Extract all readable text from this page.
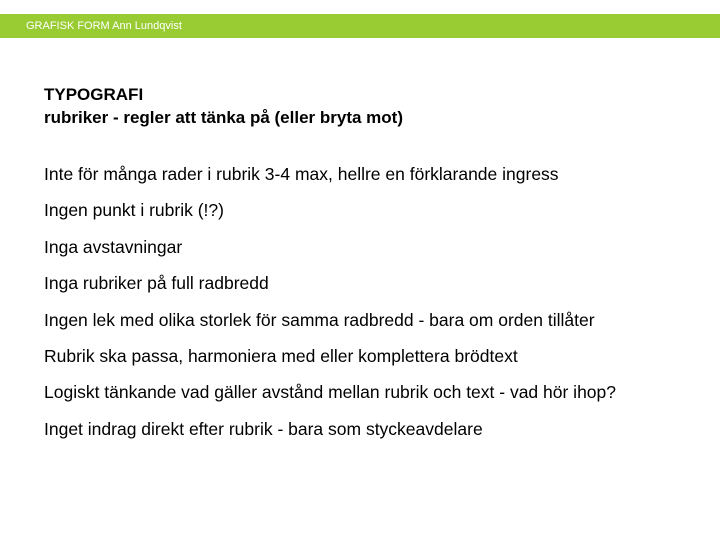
GRAFISK FORM Ann Lundqvist
TYPOGRAFI
rubriker - regler att tänka på (eller bryta mot)
Inte för många rader i rubrik 3-4 max, hellre en förklarande ingress
Ingen punkt i rubrik (!?)
Inga avstavningar
Inga rubriker på full radbredd
Ingen lek med olika storlek för samma radbredd - bara om orden tillåter
Rubrik ska passa, harmoniera med eller komplettera brödtext
Logiskt tänkande vad gäller avstånd mellan rubrik och text - vad hör ihop?
Inget indrag direkt efter rubrik - bara som styckeavdelare
